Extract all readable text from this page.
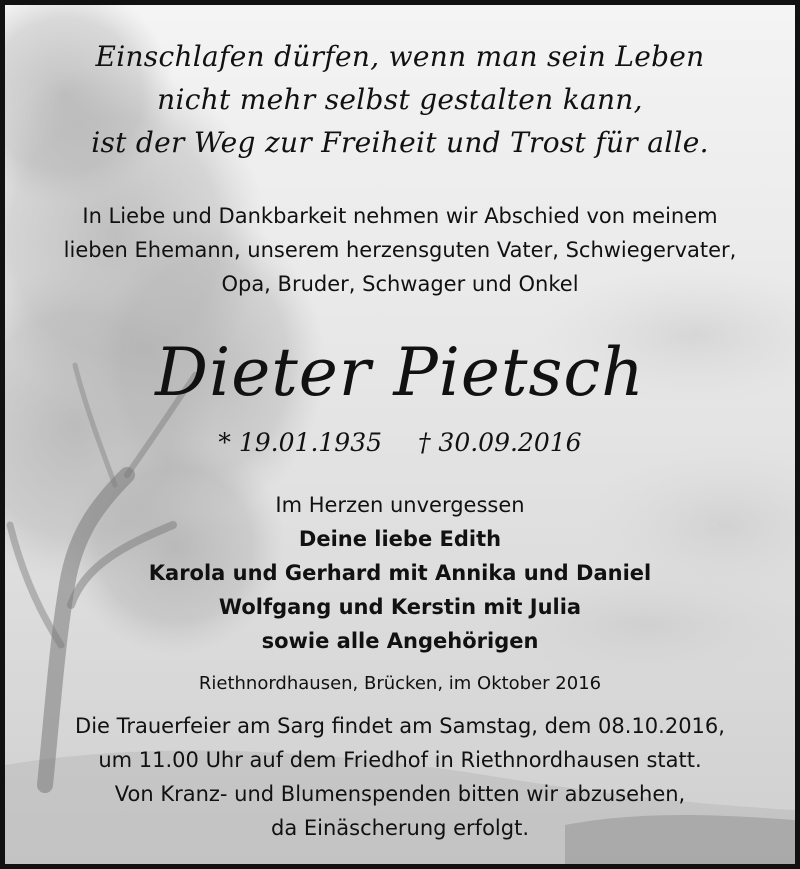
Einschlafen dürfen, wenn man sein Leben
nicht mehr selbst gestalten kann,
ist der Weg zur Freiheit und Trost für alle.
In Liebe und Dankbarkeit nehmen wir Abschied von meinem
lieben Ehemann, unserem herzensguten Vater, Schwiegervater,
Opa, Bruder, Schwager und Onkel
Dieter Pietsch
* 19.01.1935 † 30.09.2016
Im Herzen unvergessen
Deine liebe Edith
Karola und Gerhard mit Annika und Daniel
Wolfgang und Kerstin mit Julia
sowie alle Angehörigen
Riethnordhausen, Brücken, im Oktober 2016
Die Trauerfeier am Sarg findet am Samstag, dem 08.10.2016,
um 11.00 Uhr auf dem Friedhof in Riethnordhausen statt.
Von Kranz- und Blumenspenden bitten wir abzusehen,
da Einäscherung erfolgt.
